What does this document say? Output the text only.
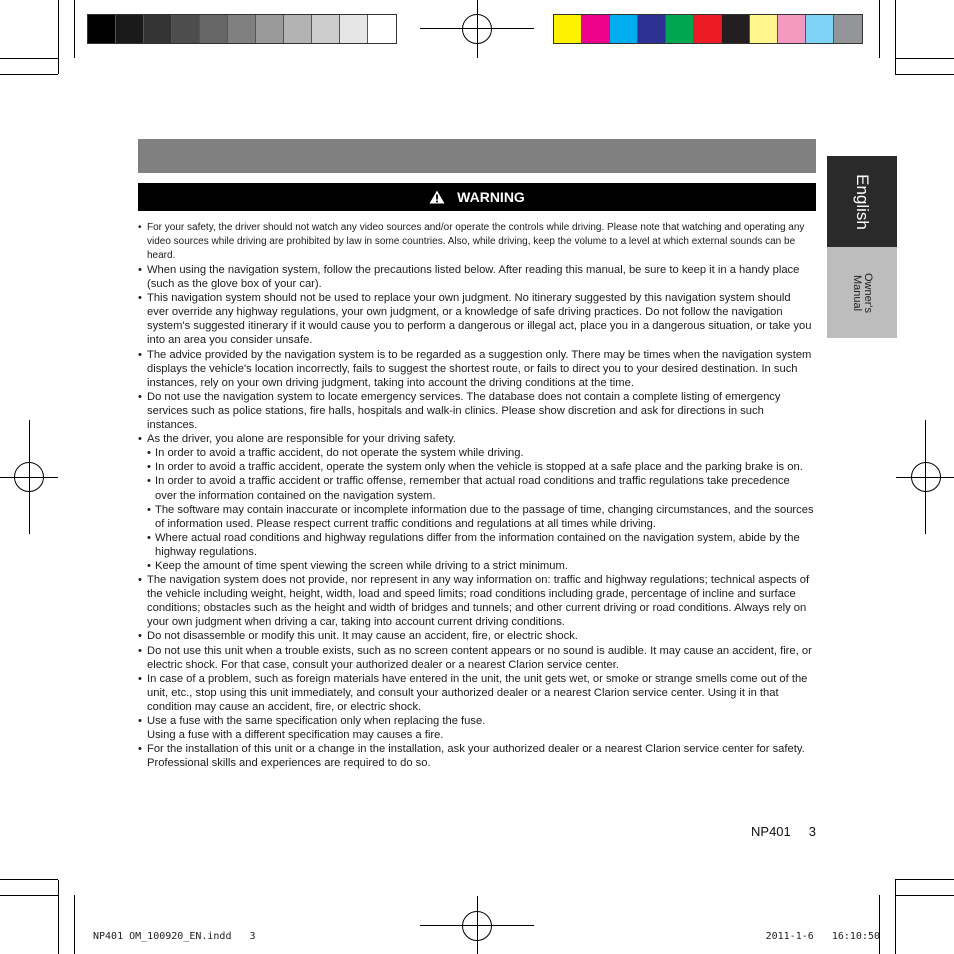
WARNING
• For your safety, the driver should not watch any video sources and/or operate the controls while driving. Please note that watching and operating any video sources while driving are prohibited by law in some countries. Also, while driving, keep the volume to a level at which external sounds can be heard.
• When using the navigation system, follow the precautions listed below. After reading this manual, be sure to keep it in a handy place (such as the glove box of your car).
• This navigation system should not be used to replace your own judgment. No itinerary suggested by this navigation system should ever override any highway regulations, your own judgment, or a knowledge of safe driving practices. Do not follow the navigation system's suggested itinerary if it would cause you to perform a dangerous or illegal act, place you in a dangerous situation, or take you into an area you consider unsafe.
• The advice provided by the navigation system is to be regarded as a suggestion only. There may be times when the navigation system displays the vehicle's location incorrectly, fails to suggest the shortest route, or fails to direct you to your desired destination. In such instances, rely on your own driving judgment, taking into account the driving conditions at the time.
• Do not use the navigation system to locate emergency services. The database does not contain a complete listing of emergency services such as police stations, fire halls, hospitals and walk-in clinics. Please show discretion and ask for directions in such instances.
• As the driver, you alone are responsible for your driving safety.
• In order to avoid a traffic accident, do not operate the system while driving.
• In order to avoid a traffic accident, operate the system only when the vehicle is stopped at a safe place and the parking brake is on.
• In order to avoid a traffic accident or traffic offense, remember that actual road conditions and traffic regulations take precedence over the information contained on the navigation system.
• The software may contain inaccurate or incomplete information due to the passage of time, changing circumstances, and the sources of information used. Please respect current traffic conditions and regulations at all times while driving.
• Where actual road conditions and highway regulations differ from the information contained on the navigation system, abide by the highway regulations.
• Keep the amount of time spent viewing the screen while driving to a strict minimum.
• The navigation system does not provide, nor represent in any way information on: traffic and highway regulations; technical aspects of the vehicle including weight, height, width, load and speed limits; road conditions including grade, percentage of incline and surface conditions; obstacles such as the height and width of bridges and tunnels; and other current driving or road conditions. Always rely on your own judgment when driving a car, taking into account current driving conditions.
• Do not disassemble or modify this unit. It may cause an accident, fire, or electric shock.
• Do not use this unit when a trouble exists, such as no screen content appears or no sound is audible. It may cause an accident, fire, or electric shock. For that case, consult your authorized dealer or a nearest Clarion service center.
• In case of a problem, such as foreign materials have entered in the unit, the unit gets wet, or smoke or strange smells come out of the unit, etc., stop using this unit immediately, and consult your authorized dealer or a nearest Clarion service center. Using it in that condition may cause an accident, fire, or electric shock.
• Use a fuse with the same specification only when replacing the fuse.
Using a fuse with a different specification may causes a fire.
• For the installation of this unit or a change in the installation, ask your authorized dealer or a nearest Clarion service center for safety. Professional skills and experiences are required to do so.
English
Owner's
Manual
NP401 3
NP401 OM_100920_EN.indd   3	2011-1-6   16:10:50
